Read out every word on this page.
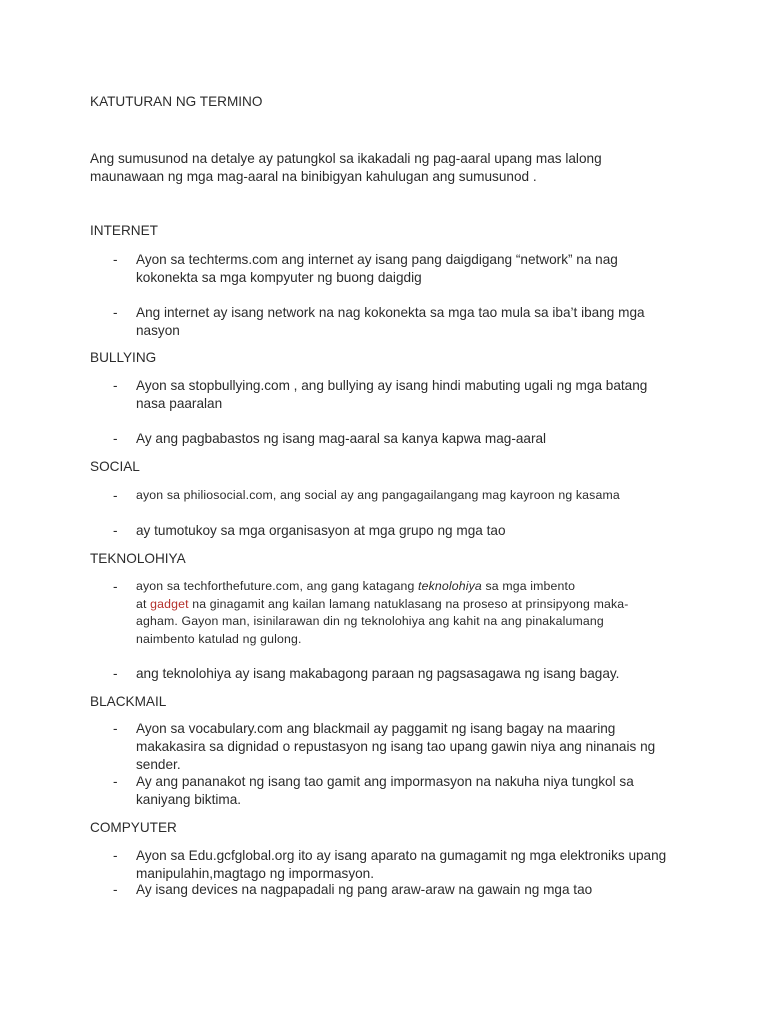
KATUTURAN NG TERMINO

Ang sumusunod na detalye ay patungkol sa ikakadali ng pag-aaral upang mas lalong

maunawaan ng mga mag-aaral na binibigyan kahulugan ang sumusunod .

INTERNET

- Ayon sa techterms.com ang internet ay isang pang daigdigang “network” na nag
kokonekta sa mga kompyuter ng buong daigdig

- Ang internet ay isang network na nag kokonekta sa mga tao mula sa iba’t ibang mga
nasyon

BULLYING

- Ayon sa stopbullying.com , ang bullying ay isang hindi mabuting ugali ng mga batang
nasa paaralan

- Ay ang pagbabastos ng isang mag-aaral sa kanya kapwa mag-aaral

SOCIAL

- ayon sa philiosocial.com, ang social ay ang pangagailangang mag kayroon ng kasama

- ay tumotukoy sa mga organisasyon at mga grupo ng mga tao

TEKNOLOHIYA

- ayon sa techforthefuture.com, ang gang katagang teknolohiya sa mga imbento
at gadget na ginagamit ang kailan lamang natuklasang na proseso at prinsipyong maka-
agham. Gayon man, isinilarawan din ng teknolohiya ang kahit na ang pinakalumang
naimbento katulad ng gulong.

- ang teknolohiya ay isang makabagong paraan ng pagsasagawa ng isang bagay.

BLACKMAIL

- Ayon sa vocabulary.com ang blackmail ay paggamit ng isang bagay na maaring
makakasira sa dignidad o repustasyon ng isang tao upang gawin niya ang ninanais ng
sender.

- Ay ang pananakot ng isang tao gamit ang impormasyon na nakuha niya tungkol sa
kaniyang biktima.

COMPYUTER

- Ayon sa Edu.gcfglobal.org ito ay isang aparato na gumagamit ng mga elektroniks upang
manipulahin,magtago ng impormasyon.

- Ay isang devices na nagpapadali ng pang araw-araw na gawain ng mga tao
